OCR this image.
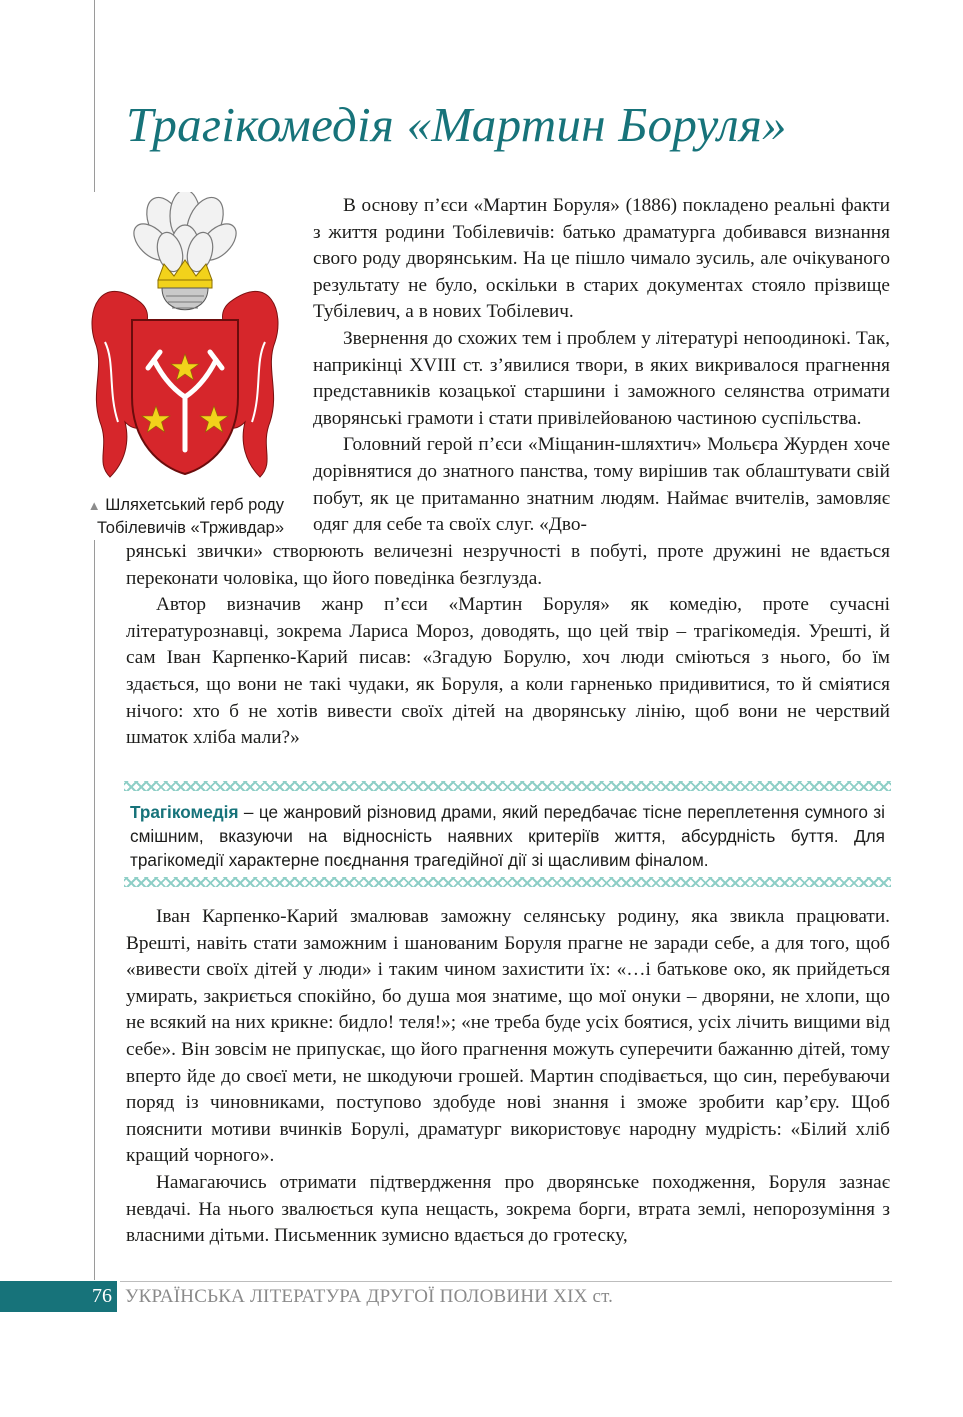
Трагікомедія «Мартин Боруля»
▲ Шляхетський герб роду Тобілевичів «Трживдар»

В основу п’єси «Мартин Боруля» (1886) покладено реальні факти з життя родини Тобілевичів: батько драматурга добивався визнання свого роду дворянським. На це пішло чимало зусиль, але очікуваного результату не було, оскільки в старих документах стояло прізвище Тубілевич, а в нових Тобілевич.

Звернення до схожих тем і проблем у літературі непоодинокі. Так, наприкінці XVIII ст. з’явилися твори, в яких викривалося прагнення представників козацької старшини і заможного селянства отримати дворянські грамоти і стати привілейованою частиною суспільства.

Головний герой п’єси «Міщанин-шляхтич» Мольєра Журден хоче дорівнятися до знатного панства, тому вирішив так облаштувати свій побут, як це притаманно знатним людям. Наймає вчителів, замовляє одяг для себе та своїх слуг. «Дво-

рянські звички» створюють величезні незручності в побуті, проте дружині не вдається переконати чоловіка, що його поведінка безглузда.

Автор визначив жанр п’єси «Мартин Боруля» як комедію, проте сучасні літературознавці, зокрема Лариса Мороз, доводять, що цей твір – трагікомедія. Урешті, й сам Іван Карпенко-Карий писав: «Згадую Борулю, хоч люди сміються з нього, бо їм здається, що вони не такі чудаки, як Боруля, а коли гарненько придивитися, то й сміятися нічого: хто б не хотів вивести своїх дітей на дворянську лінію, щоб вони не черствий шматок хліба мали?»

Трагікомедія – це жанровий різновид драми, який передбачає тісне переплетення сумного зі смішним, вказуючи на відносність наявних критеріїв життя, абсурдність буття. Для трагікомедії характерне поєднання трагедійної дії зі щасливим фіналом.

Іван Карпенко-Карий змалював заможну селянську родину, яка звикла працювати. Врешті, навіть стати заможним і шанованим Боруля прагне не заради себе, а для того, щоб «вивести своїх дітей у люди» і таким чином захистити їх: «…і батькове око, як прийдеться умирать, закриється спокійно, бо душа моя знатиме, що мої онуки – дворяни, не хлопи, що не всякий на них крикне: бидло! теля!»; «не треба буде усіх боятися, усіх лічить вищими від себе». Він зовсім не припускає, що його прагнення можуть суперечити бажанню дітей, тому вперто йде до своєї мети, не шкодуючи грошей. Мартин сподівається, що син, перебуваючи поряд із чиновниками, поступово здобуде нові знання і зможе зробити кар’єру. Щоб пояснити мотиви вчинків Борулі, драматург використовує народну мудрість: «Білий хліб кращий чорного».

Намагаючись отримати підтвердження про дворянське походження, Боруля зазнає невдачі. На нього звалюється купа нещасть, зокрема борги, втрата землі, непорозуміння з власними дітьми. Письменник зумисно вдається до гротеску,

76 УКРАЇНСЬКА ЛІТЕРАТУРА ДРУГОЇ ПОЛОВИНИ XIX ст.
